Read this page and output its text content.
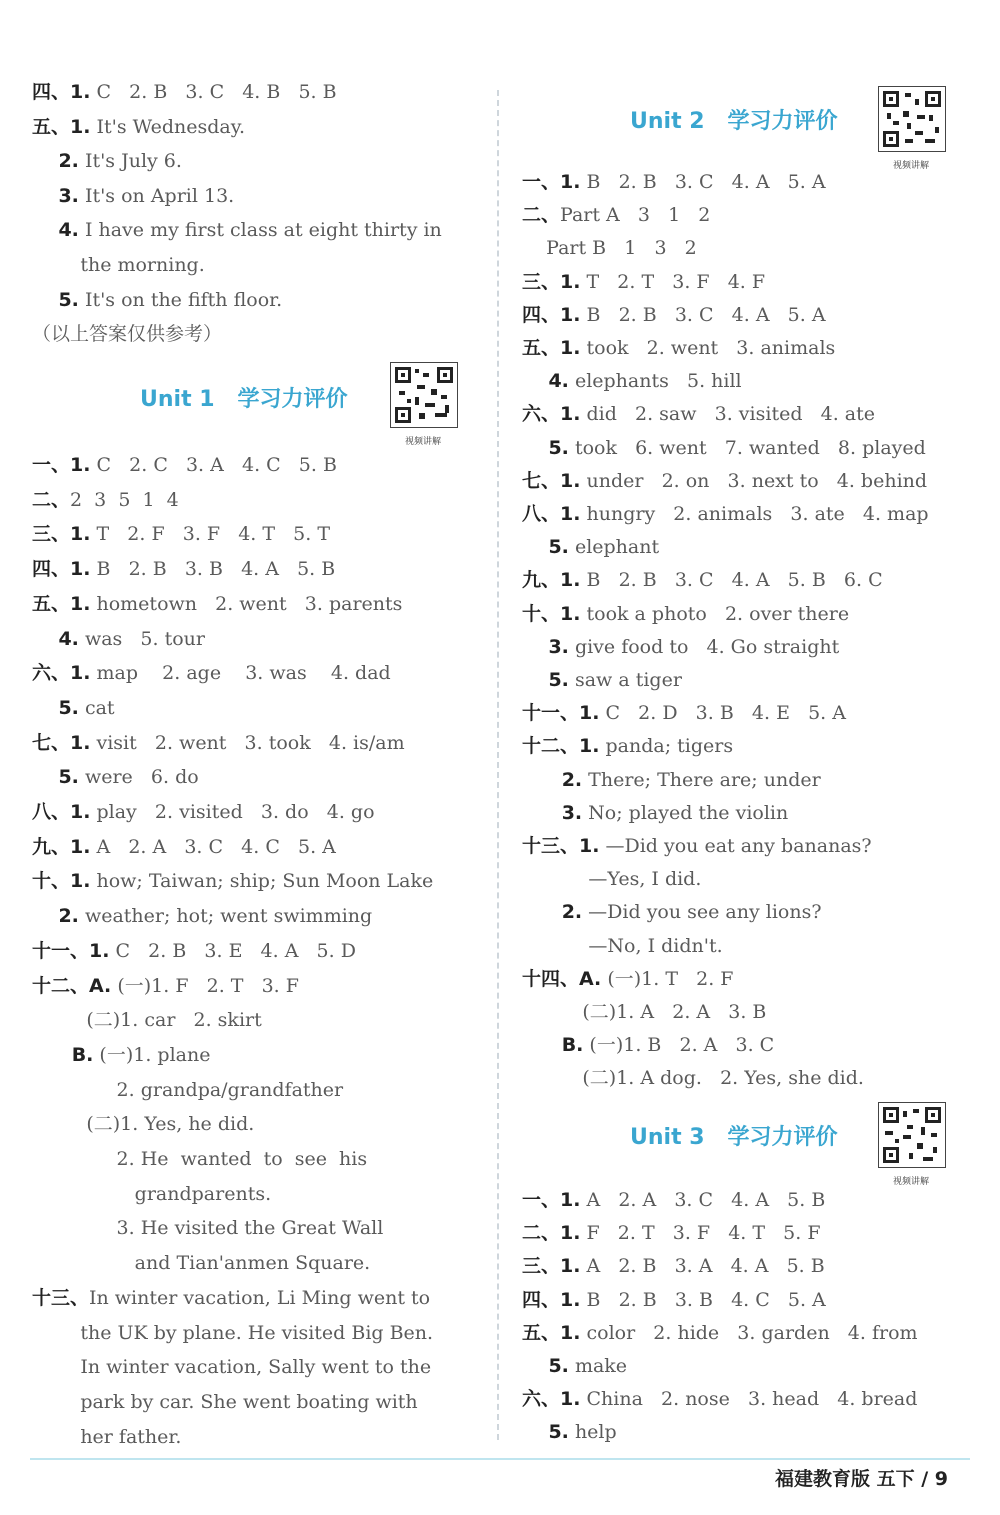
四、1. C   2. B   3. C   4. B   5. B
五、1. It's Wednesday.
2. It's July 6.
3. It's on April 13.
4. I have my first class at eight thirty in
the morning.
5. It's on the fifth floor.
（以上答案仅供参考）
Unit 1   学习力评价
视频讲解
一、1. C   2. C   3. A   4. C   5. B
二、2  3  5  1  4
三、1. T   2. F   3. F   4. T   5. T
四、1. B   2. B   3. B   4. A   5. B
五、1. hometown   2. went   3. parents
4. was   5. tour
六、1. map    2. age    3. was    4. dad
5. cat
七、1. visit   2. went   3. took   4. is/am
5. were   6. do
八、1. play   2. visited   3. do   4. go
九、1. A   2. A   3. C   4. C   5. A
十、1. how; Taiwan; ship; Sun Moon Lake
2. weather; hot; went swimming
十一、1. C   2. B   3. E   4. A   5. D
十二、A. (一)1. F   2. T   3. F
(二)1. car   2. skirt
B. (一)1. plane
2. grandpa/grandfather
(二)1. Yes, he did.
2. He  wanted  to  see  his
grandparents.
3. He visited the Great Wall
and Tian'anmen Square.
十三、In winter vacation, Li Ming went to
the UK by plane. He visited Big Ben.
In winter vacation, Sally went to the
park by car. She went boating with
her father.
Unit 2   学习力评价
视频讲解
一、1. B   2. B   3. C   4. A   5. A
二、Part A   3   1   2
Part B   1   3   2
三、1. T   2. T   3. F   4. F
四、1. B   2. B   3. C   4. A   5. A
五、1. took   2. went   3. animals
4. elephants   5. hill
六、1. did   2. saw   3. visited   4. ate
5. took   6. went   7. wanted   8. played
七、1. under   2. on   3. next to   4. behind
八、1. hungry   2. animals   3. ate   4. map
5. elephant
九、1. B   2. B   3. C   4. A   5. B   6. C
十、1. took a photo   2. over there
3. give food to   4. Go straight
5. saw a tiger
十一、1. C   2. D   3. B   4. E   5. A
十二、1. panda; tigers
2. There; There are; under
3. No; played the violin
十三、1. —Did you eat any bananas?
—Yes, I did.
2. —Did you see any lions?
—No, I didn't.
十四、A. (一)1. T   2. F
(二)1. A   2. A   3. B
B. (一)1. B   2. A   3. C
(二)1. A dog.   2. Yes, she did.
Unit 3   学习力评价
视频讲解
一、1. A   2. A   3. C   4. A   5. B
二、1. F   2. T   3. F   4. T   5. F
三、1. A   2. B   3. A   4. A   5. B
四、1. B   2. B   3. B   4. C   5. A
五、1. color   2. hide   3. garden   4. from
5. make
六、1. China   2. nose   3. head   4. bread
5. help
福建教育版 五下 / 9
